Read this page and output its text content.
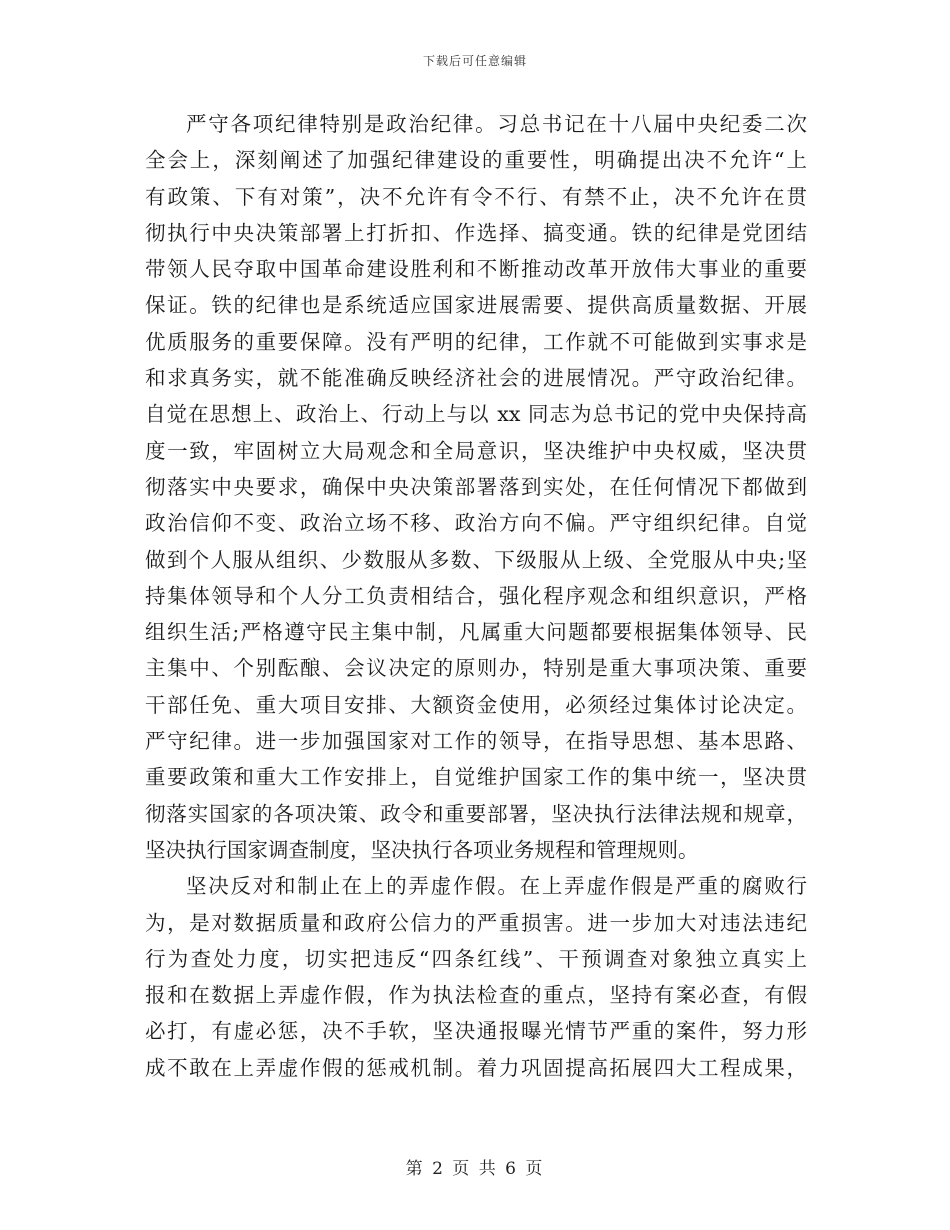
下载后可任意编辑

严守各项纪律特别是政治纪律。习总书记在十八届中央纪委二次
全会上，深刻阐述了加强纪律建设的重要性，明确提出决不允许“上
有政策、下有对策”，决不允许有令不行、有禁不止，决不允许在贯
彻执行中央决策部署上打折扣、作选择、搞变通。铁的纪律是党团结
带领人民夺取中国革命建设胜利和不断推动改革开放伟大事业的重要
保证。铁的纪律也是系统适应国家进展需要、提供高质量数据、开展
优质服务的重要保障。没有严明的纪律，工作就不可能做到实事求是
和求真务实，就不能准确反映经济社会的进展情况。严守政治纪律。
自觉在思想上、政治上、行动上与以 xx 同志为总书记的党中央保持高
度一致，牢固树立大局观念和全局意识，坚决维护中央权威，坚决贯
彻落实中央要求，确保中央决策部署落到实处，在任何情况下都做到
政治信仰不变、政治立场不移、政治方向不偏。严守组织纪律。自觉
做到个人服从组织、少数服从多数、下级服从上级、全党服从中央;坚
持集体领导和个人分工负责相结合，强化程序观念和组织意识，严格
组织生活;严格遵守民主集中制，凡属重大问题都要根据集体领导、民
主集中、个别酝酿、会议决定的原则办，特别是重大事项决策、重要
干部任免、重大项目安排、大额资金使用，必须经过集体讨论决定。
严守纪律。进一步加强国家对工作的领导，在指导思想、基本思路、
重要政策和重大工作安排上，自觉维护国家工作的集中统一，坚决贯
彻落实国家的各项决策、政令和重要部署，坚决执行法律法规和规章，
坚决执行国家调查制度，坚决执行各项业务规程和管理规则。

坚决反对和制止在上的弄虚作假。在上弄虚作假是严重的腐败行
为，是对数据质量和政府公信力的严重损害。进一步加大对违法违纪
行为查处力度，切实把违反“四条红线”、干预调查对象独立真实上
报和在数据上弄虚作假，作为执法检查的重点，坚持有案必查，有假
必打，有虚必惩，决不手软，坚决通报曝光情节严重的案件，努力形
成不敢在上弄虚作假的惩戒机制。着力巩固提高拓展四大工程成果，

第 2 页 共 6 页
